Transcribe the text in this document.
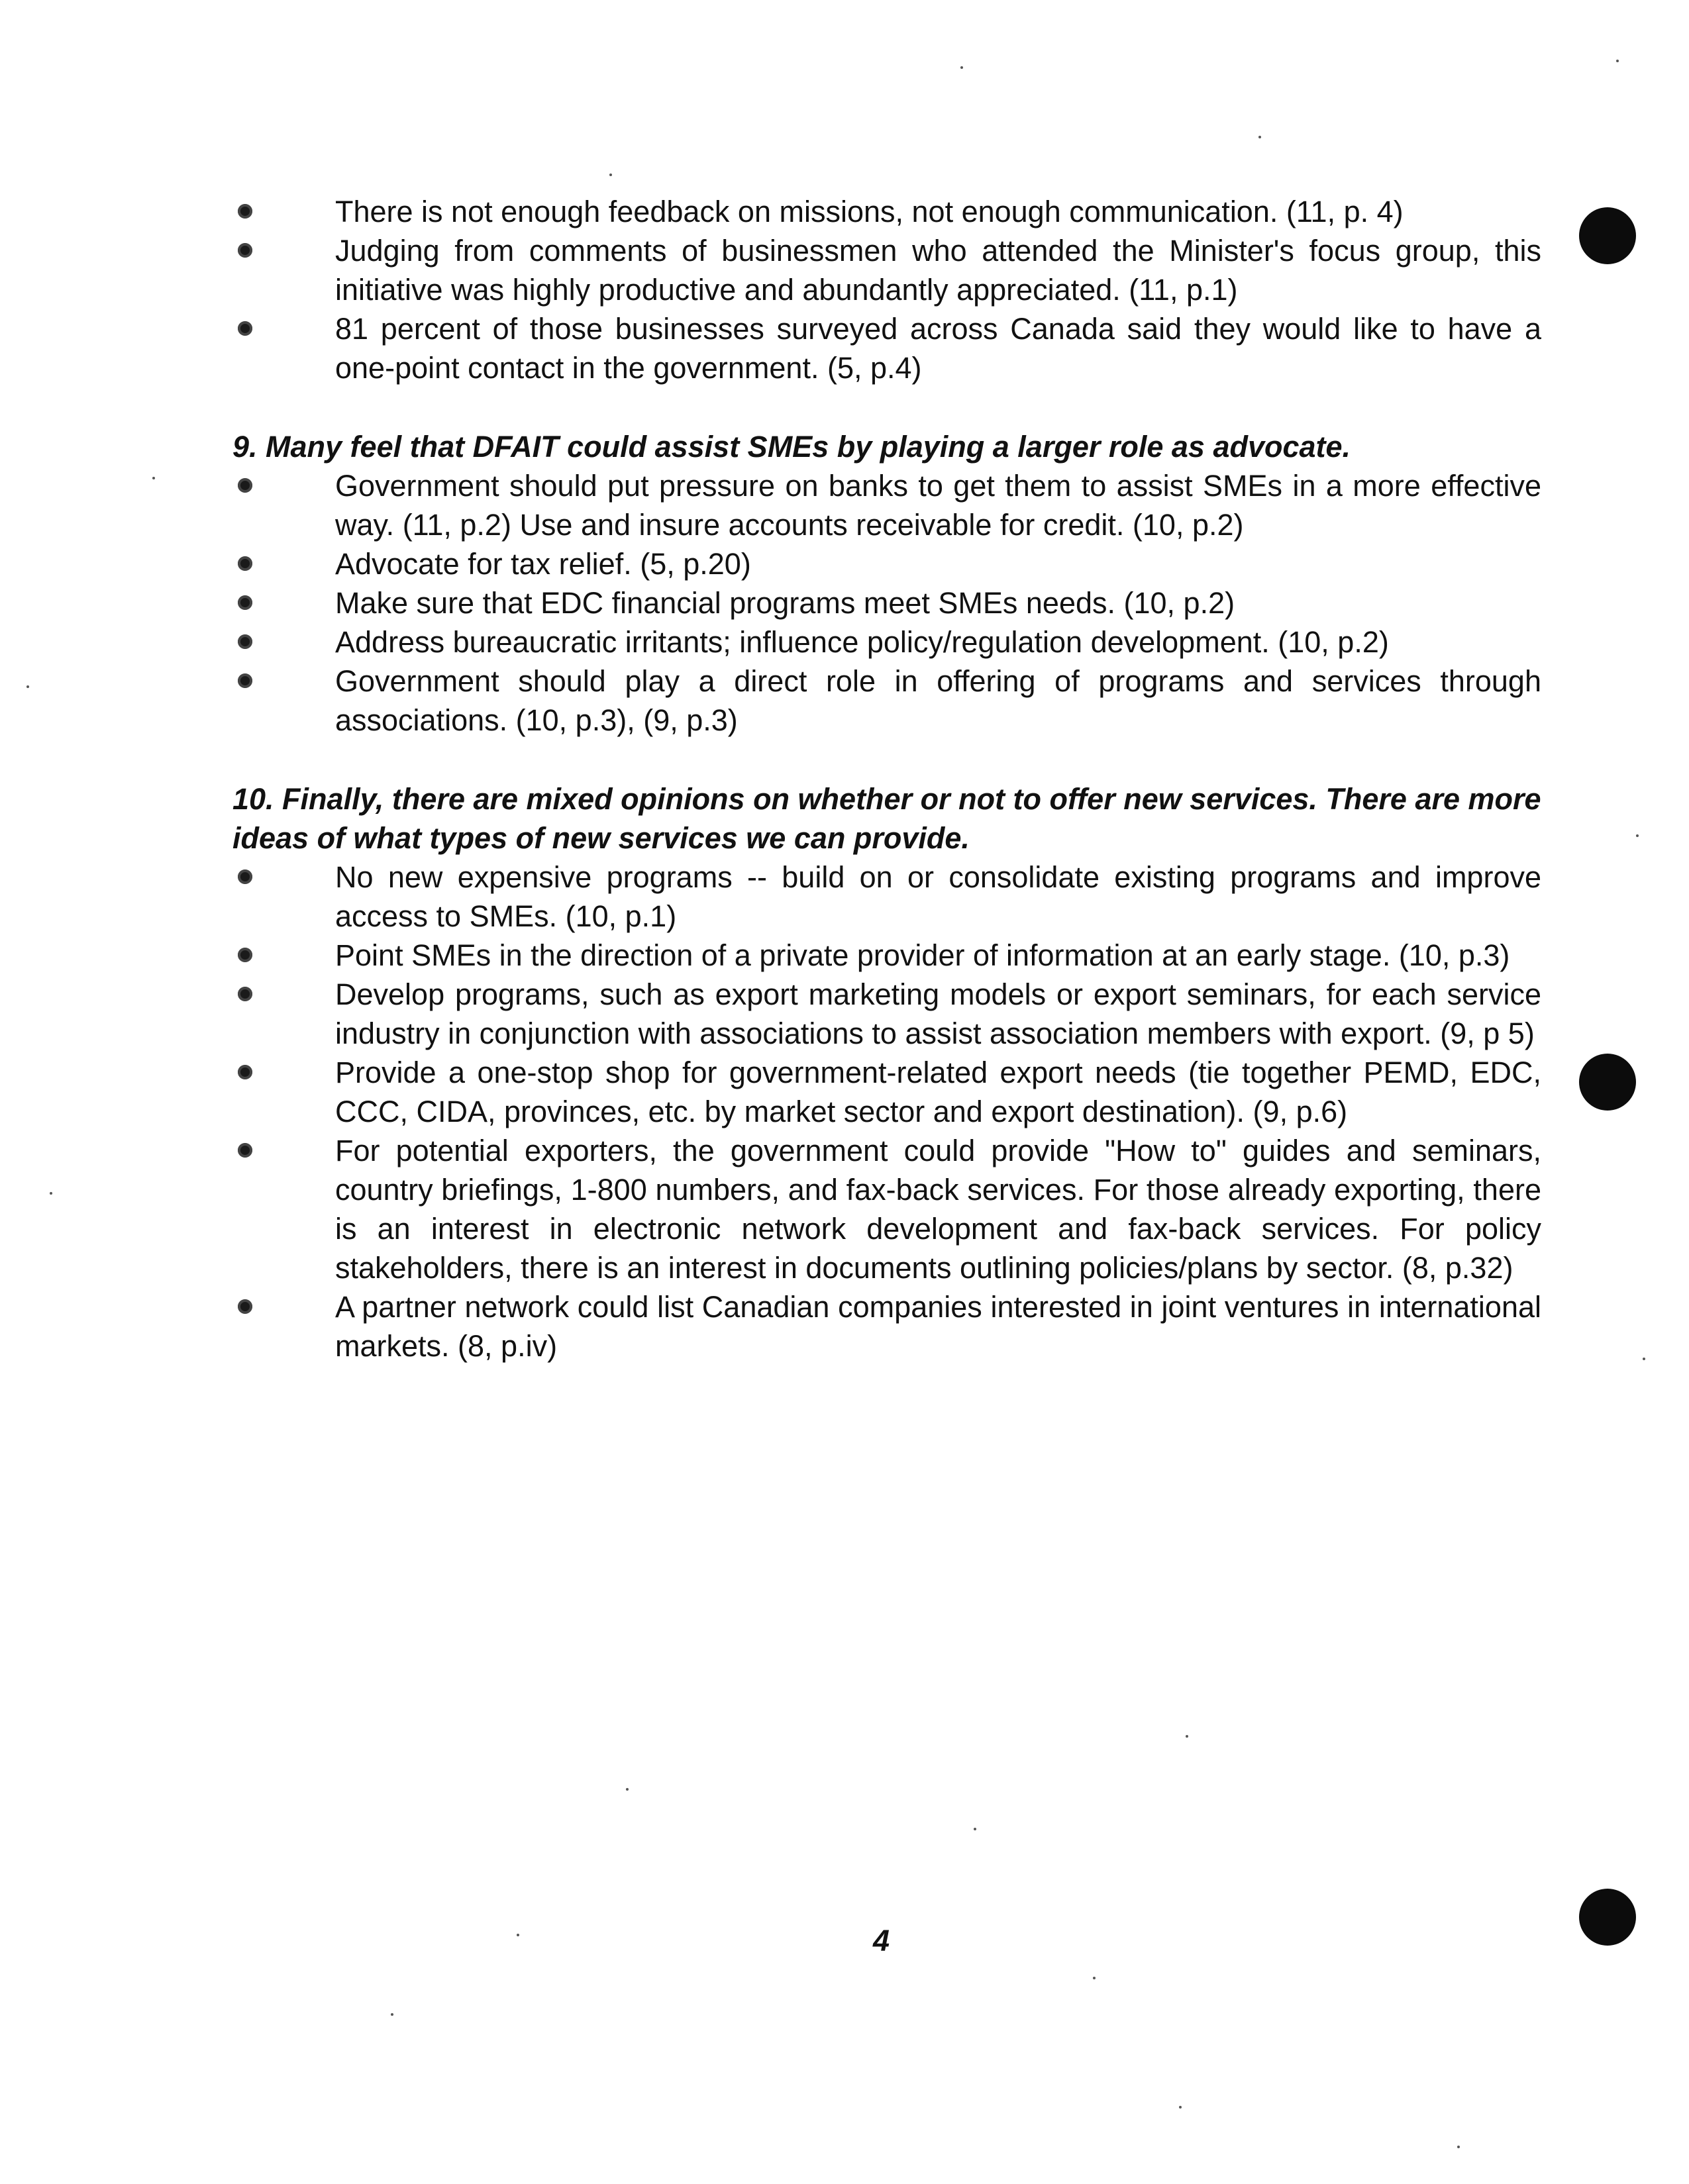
There is not enough feedback on missions, not enough communication. (11, p. 4)
Judging from comments of businessmen who attended the Minister's focus group, this initiative was highly productive and abundantly appreciated. (11, p.1)
81 percent of those businesses surveyed across Canada said they would like to have a one-point contact in the government. (5, p.4)

9. Many feel that DFAIT could assist SMEs by playing a larger role as advocate.

Government should put pressure on banks to get them to assist SMEs in a more effective way. (11, p.2) Use and insure accounts receivable for credit. (10, p.2)
Advocate for tax relief. (5, p.20)
Make sure that EDC financial programs meet SMEs needs. (10, p.2)
Address bureaucratic irritants; influence policy/regulation development. (10, p.2)
Government should play a direct role in offering of programs and services through associations. (10, p.3), (9, p.3)

10. Finally, there are mixed opinions on whether or not to offer new services. There are more ideas of what types of new services we can provide.

No new expensive programs -- build on or consolidate existing programs and improve access to SMEs. (10, p.1)
Point SMEs in the direction of a private provider of information at an early stage. (10, p.3)
Develop programs, such as export marketing models or export seminars, for each service industry in conjunction with associations to assist association members with export. (9, p 5)
Provide a one-stop shop for government-related export needs (tie together PEMD, EDC, CCC, CIDA, provinces, etc. by market sector and export destination). (9, p.6)
For potential exporters, the government could provide "How to" guides and seminars, country briefings, 1-800 numbers, and fax-back services. For those already exporting, there is an interest in electronic network development and fax-back services. For policy stakeholders, there is an interest in documents outlining policies/plans by sector. (8, p.32)
A partner network could list Canadian companies interested in joint ventures in international markets. (8, p.iv)
4
